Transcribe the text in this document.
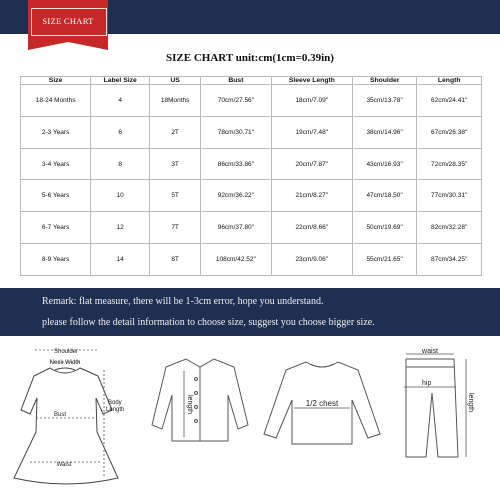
SIZE CHART
SIZE CHART unit:cm(1cm=0.39in)
Size	Label Size	US	Bust	Sleeve Length	Shoulder	Length
18-24 Months	4	18Months	70cm/27.56''	18cm/7.09''	35cm/13.78''	62cm/24.41''
2-3 Years	6	2T	78cm/30.71''	19cm/7.48''	38cm/14.96''	67cm/26.38''
3-4 Years	8	3T	86cm/33.86''	20cm/7.87''	43cm/16.93''	72cm/28.35''
5-6 Years	10	5T	92cm/36.22''	21cm/8.27''	47cm/18.50''	77cm/30.31''
6-7 Years	12	7T	96cm/37.80''	22cm/8.66''	50cm/19.69''	82cm/32.28''
8-9 Years	14	8T	108cm/42.52''	23cm/9.06''	55cm/21.65''	87cm/34.25''
Remark: flat measure, there will be 1-3cm error, hope you understand.
please follow the detail information to choose size, suggest you choose bigger size.
Shoulder
Neck Width
Bust
Body
Length
Waist
length	1/2 chest
waist
hip
length
